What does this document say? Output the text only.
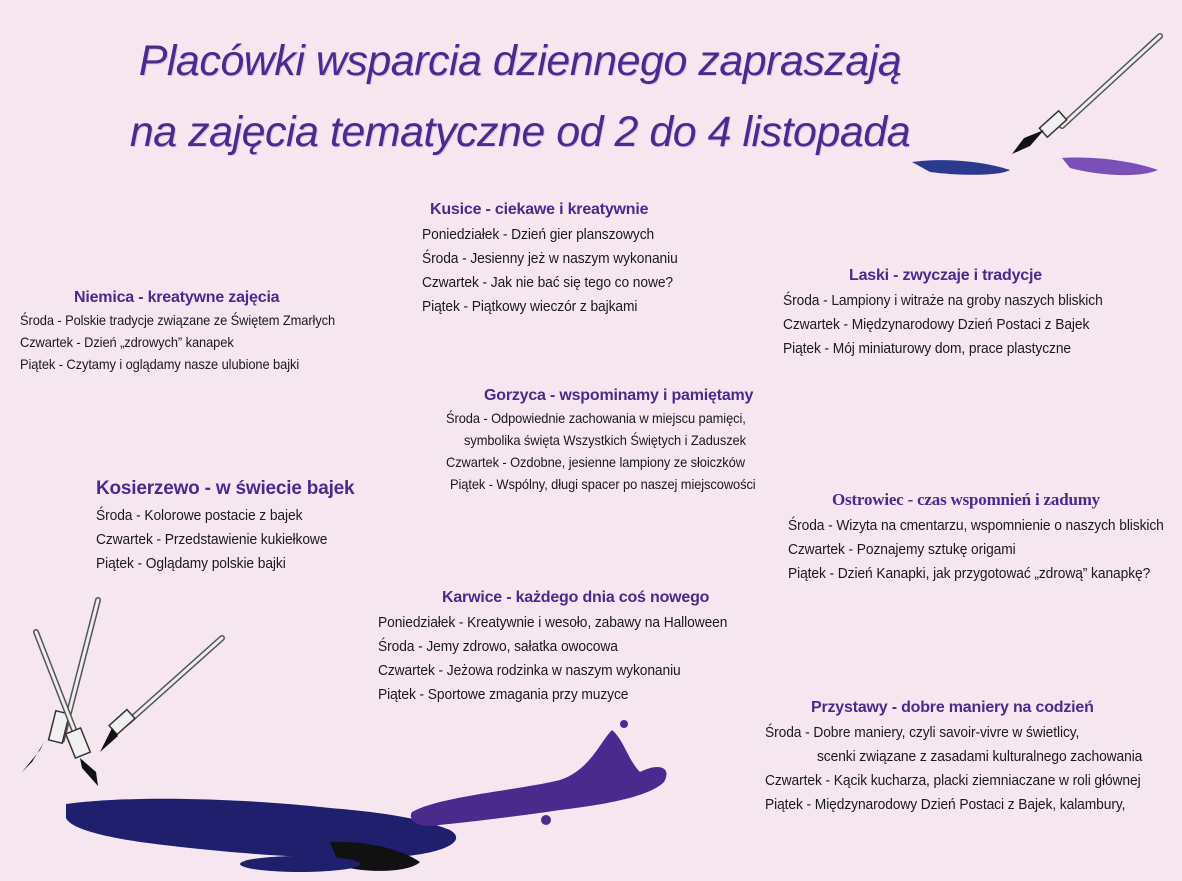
Placówki wsparcia dziennego zapraszają
na zajęcia tematyczne od 2 do 4 listopada
Kusice - ciekawe i kreatywnie
Poniedziałek - Dzień gier planszowych
Środa - Jesienny jeż w naszym wykonaniu
Czwartek - Jak nie bać się tego co nowe?
Piątek - Piątkowy wieczór z bajkami
Niemica - kreatywne zajęcia
Środa - Polskie tradycje związane ze Świętem Zmarłych
Czwartek - Dzień „zdrowych” kanapek
Piątek - Czytamy i oglądamy nasze ulubione bajki
Laski - zwyczaje i tradycje
Środa - Lampiony i witraże na groby naszych bliskich
Czwartek - Międzynarodowy Dzień Postaci z Bajek
Piątek - Mój miniaturowy dom, prace plastyczne
Gorzyca - wspominamy i pamiętamy
Środa - Odpowiednie zachowania w miejscu pamięci,
symbolika święta Wszystkich Świętych i Zaduszek
Czwartek - Ozdobne, jesienne lampiony ze słoiczków
Piątek - Wspólny, długi spacer po naszej miejscowości
Kosierzewo - w świecie bajek
Środa - Kolorowe postacie z bajek
Czwartek - Przedstawienie kukiełkowe
Piątek - Oglądamy polskie bajki
Ostrowiec - czas wspomnień i zadumy
Środa - Wizyta na cmentarzu, wspomnienie o naszych bliskich
Czwartek - Poznajemy sztukę origami
Piątek - Dzień Kanapki, jak przygotować „zdrową” kanapkę?
Karwice - każdego dnia coś nowego
Poniedziałek - Kreatywnie i wesoło, zabawy na Halloween
Środa - Jemy zdrowo, sałatka owocowa
Czwartek - Jeżowa rodzinka w naszym wykonaniu
Piątek - Sportowe zmagania przy muzyce
Przystawy - dobre maniery na codzień
Środa - Dobre maniery, czyli savoir-vivre w świetlicy,
scenki związane z zasadami kulturalnego zachowania
Czwartek - Kącik kucharza, placki ziemniaczane w roli głównej
Piątek - Międzynarodowy Dzień Postaci z Bajek, kalambury,
